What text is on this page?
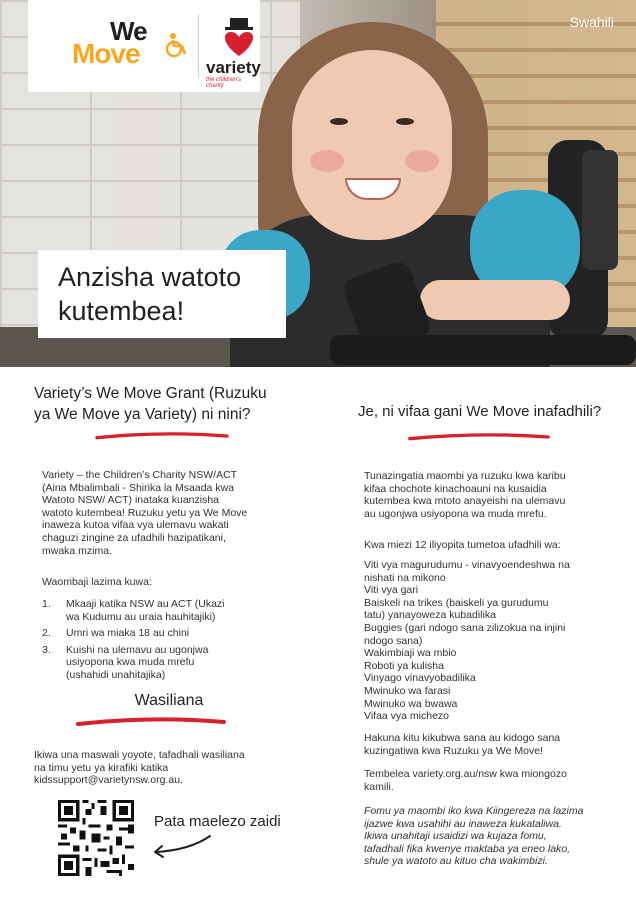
We
Move	variety
the children's charity
Swahili
Anzisha watoto
kutembea!
Variety’s We Move Grant (Ruzuku
ya We Move ya Variety) ni nini?

Variety – the Children’s Charity NSW/ACT

(Aina Mbalimbali - Shirika la Msaada kwa

Watoto NSW/ ACT) inataka kuanzisha

watoto kutembea! Ruzuku yetu ya We Move

inaweza kutoa vifaa vya ulemavu wakati

chaguzi zingine za ufadhili hazipatikani,

mwaka mzima.

Waombaji lazima kuwa:

1. Mkaaji katika NSW au ACT (Ukazi
wa Kudumu au uraia hauhitajiki)
2. Umri wa miaka 18 au chini
3. Kuishi na ulemavu au ugonjwa
usiyopona kwa muda mrefu
(ushahidi unahitajika)
Wasiliana

Ikiwa una maswali yoyote, tafadhali wasiliana

na timu yetu ya kirafiki katika

kidssupport@varietynsw.org.au.

Pata maelezo zaidi
Je, ni vifaa gani We Move inafadhili?

Tunazingatia maombi ya ruzuku kwa karibu

kifaa chochote kinachoauni na kusaidia

kutembea kwa mtoto anayeishi na ulemavu

au ugonjwa usiyopona wa muda mrefu.

Kwa miezi 12 iliyopita tumetoa ufadhili wa:

Viti vya magurudumu - vinavyoendeshwa na

nishati na mikono

Viti vya gari

Baiskeli na trikes (baiskeli ya gurudumu

tatu) yanayoweza kubadilika

Buggies (gari ndogo sana zilizokua na injini

ndogo sana)

Wakimbiaji wa mbio

Roboti ya kulisha

Vinyago vinavyobadilika

Mwinuko wa farasi

Mwinuko wa bwawa

Vifaa vya michezo

Hakuna kitu kikubwa sana au kidogo sana

kuzingatiwa kwa Ruzuku ya We Move!

Tembelea variety.org.au/nsw kwa miongozo

kamili.

Fomu ya maombi iko kwa Kiingereza na lazima

ijazwe kwa usahihi au inaweza kukataliwa.

Ikiwa unahitaji usaidizi wa kujaza fomu,

tafadhali fika kwenye maktaba ya eneo lako,

shule ya watoto au kituo cha wakimbizi.
